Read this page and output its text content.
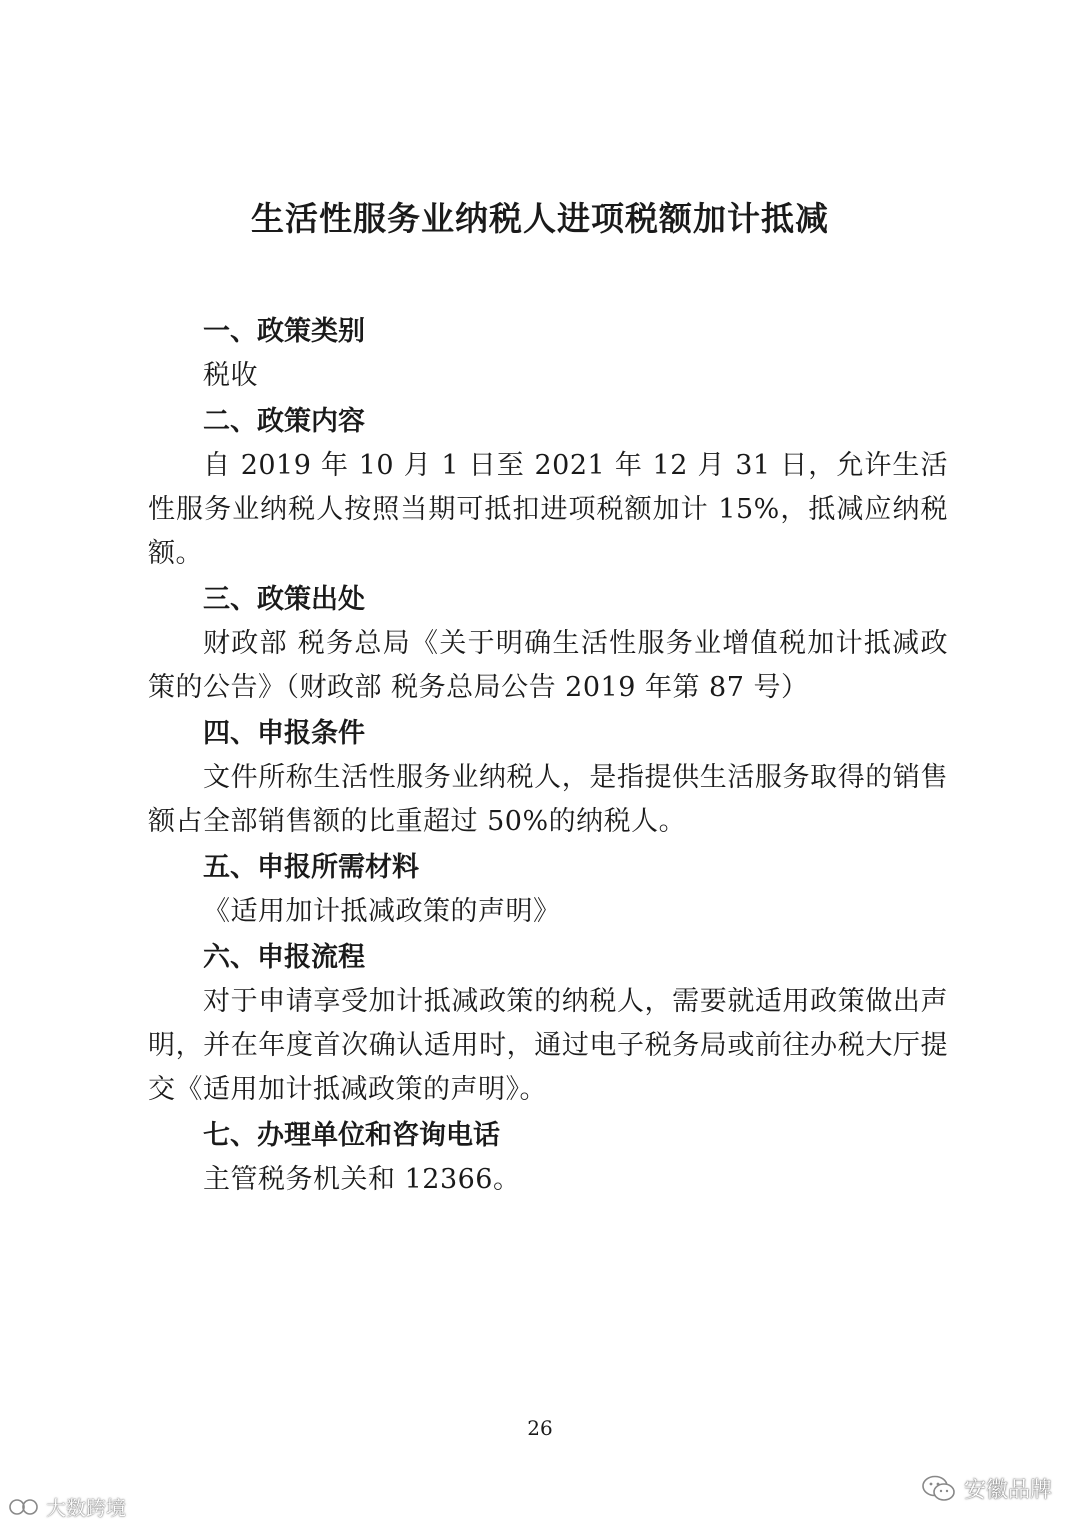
生活性服务业纳税人进项税额加计抵减

一、政策类别

税收

二、政策内容

自 2019 年 10 月 1 日至 2021 年 12 月 31 日，允许生活性服务业纳税人按照当期可抵扣进项税额加计 15%，抵减应纳税额。

三、政策出处

财政部 税务总局《关于明确生活性服务业增值税加计抵减政策的公告》（财政部 税务总局公告 2019 年第 87 号）

四、申报条件

文件所称生活性服务业纳税人，是指提供生活服务取得的销售额占全部销售额的比重超过 50%的纳税人。

五、申报所需材料

《适用加计抵减政策的声明》

六、申报流程

对于申请享受加计抵减政策的纳税人，需要就适用政策做出声明，并在年度首次确认适用时，通过电子税务局或前往办税大厅提交《适用加计抵减政策的声明》。

七、办理单位和咨询电话

主管税务机关和 12366。

26
安徽品牌
大数跨境
